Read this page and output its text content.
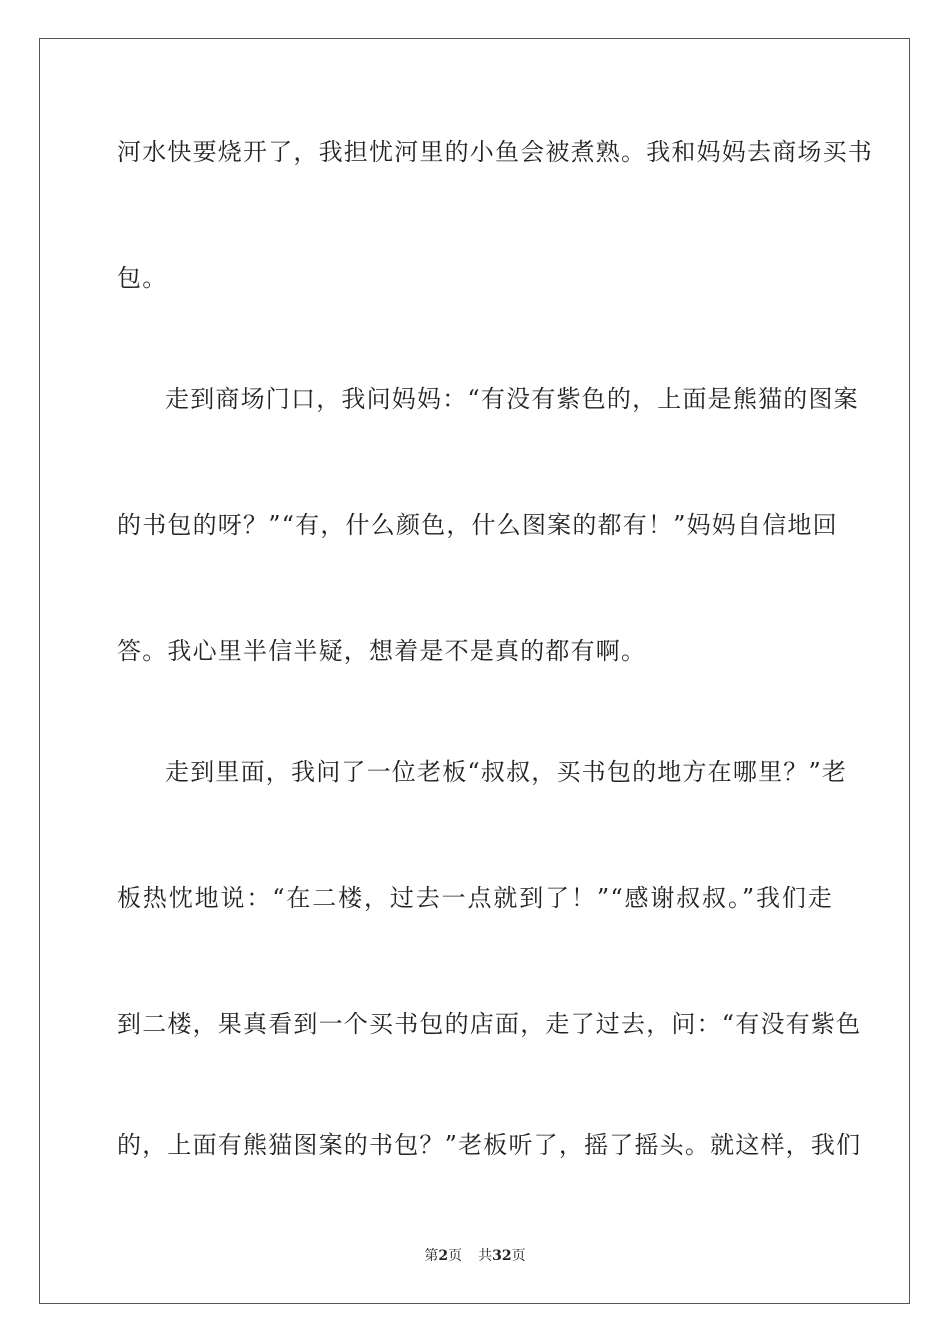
河水快要烧开了，我担忧河里的小鱼会被煮熟。我和妈妈去商场买书
包。
走到商场门口，我问妈妈：“有没有紫色的，上面是熊猫的图案
的书包的呀？”“有，什么颜色，什么图案的都有！”妈妈自信地回
答。我心里半信半疑，想着是不是真的都有啊。
走到里面，我问了一位老板“叔叔，买书包的地方在哪里？”老
板热忱地说：“在二楼，过去一点就到了！”“感谢叔叔。”我们走
到二楼，果真看到一个买书包的店面，走了过去，问：“有没有紫色
的，上面有熊猫图案的书包？”老板听了，摇了摇头。就这样，我们
第2页 共32页
